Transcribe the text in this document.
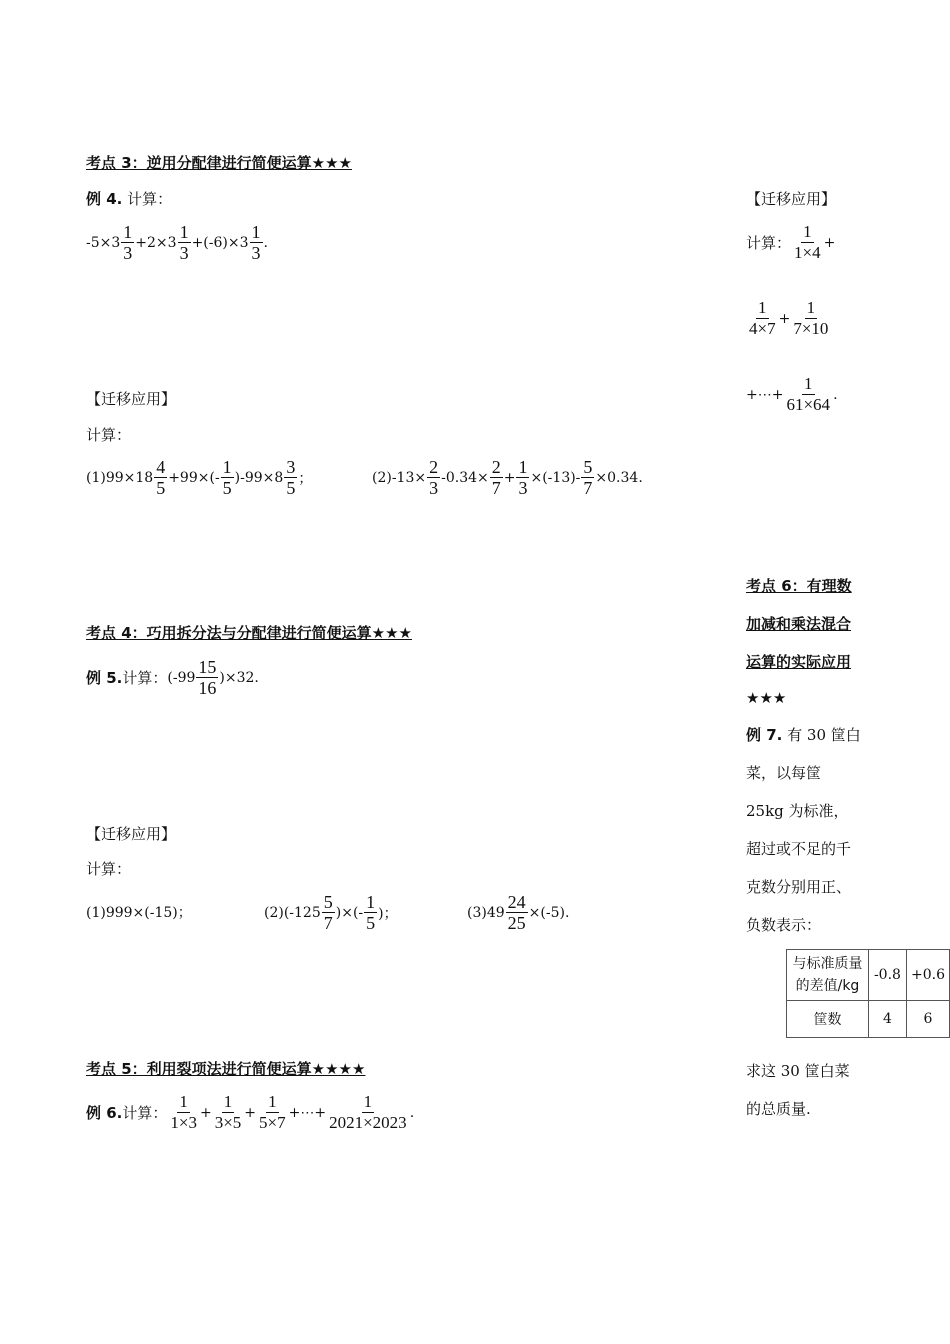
考点 3：逆用分配律进行简便运算★★★
例 4. 计算：
$-5\times 3 \frac{1}{3} +2\times 3 \frac{1}{3} +(-6)\times 3 \frac{1}{3}$ .
【迁移应用】
计算：
$(1)99\times 18 \frac{4}{5} +99\times(- \frac{1}{5} )-99\times 8 \frac{3}{5}$ ；	$(2)-13\times \frac{2}{3} -0.34\times \frac{2}{7} + \frac{1}{3} \times(-13)- \frac{5}{7} \times 0.34$.
考点 4：巧用拆分法与分配律进行简便运算★★★
例 5. 计算： $(-99 \frac{15}{16} )\times 32$.
【迁移应用】
计算：
(1)999×(-15)；	$(2)(-125 \frac{5}{7}$ )×(- $\frac{1}{5}$ )；	$(3)49 \frac{24}{25} \times(-5)$.
考点 5：利用裂项法进行简便运算★★★★
例 6. 计算： $\frac{1}{1\times 3} + \frac{1}{3\times 5} + \frac{1}{5\times 7}$ +⋯+ $\frac{1}{2021\times 2023}$ .
【迁移应用】
计算： $\frac{1}{1\times 4}$ +
$\frac{1}{4\times 7} + \frac{1}{7\times 10}$
+⋯+ $\frac{1}{61\times 64}$ .
考点 6：有理数
加减和乘法混合
运算的实际应用
★★★
例 7. 有 30 筐白
菜，以每筐
25kg 为标准，
超过或不足的千
克数分别用正、
负数表示：
与标准质量
的差值/kg	-0.8	+0.6
筐数	4	6
求这 30 筐白菜
的总质量.
